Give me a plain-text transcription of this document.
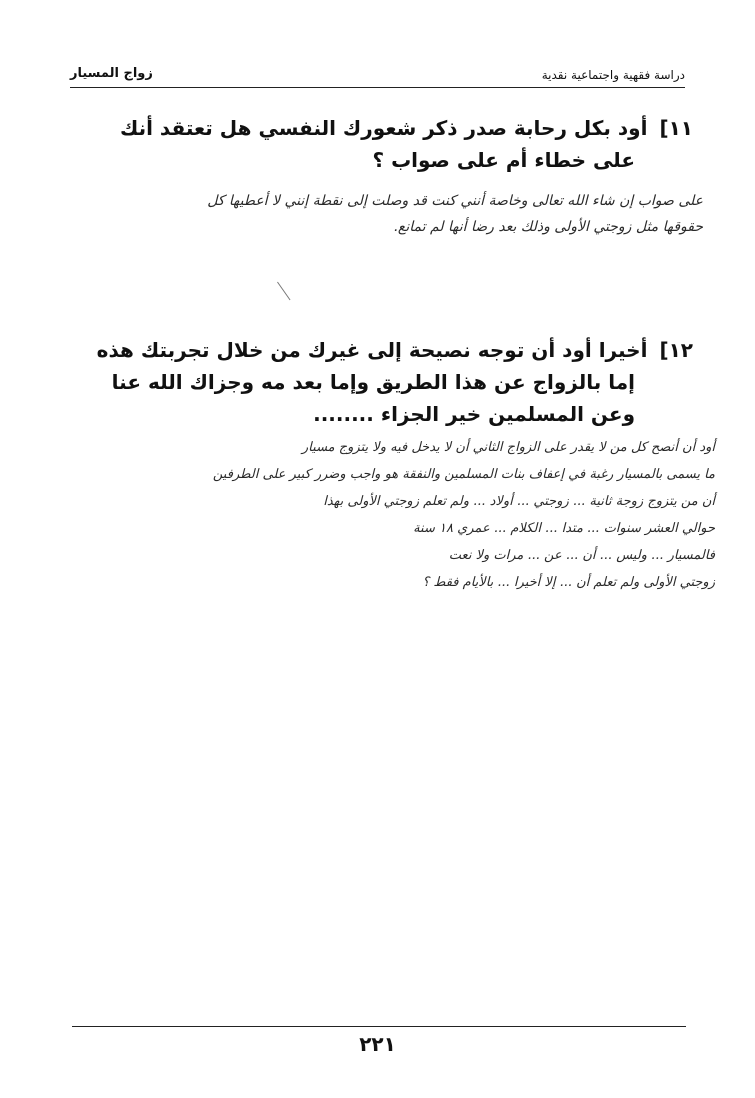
زواج المسيار	دراسة فقهية واجتماعية نقدية
١١]أود بكل رحابة صدر ذكر شعورك النفسي هل تعتقد أنك
على خطاء أم على صواب ؟
على صواب إن شاء الله تعالى وخاصة أنني كنت قد وصلت إلى نقطة إنني لا أعطيها كل
حقوقها مثل زوجتي الأولى وذلك بعد رضا أنها لم تمانع.
١٢]أخيرا أود أن توجه نصيحة إلى غيرك من خلال تجربتك هذه
إما بالزواج عن هذا الطريق وإما بعد مه وجزاك الله عنا
وعن المسلمين خير الجزاء ........
أود أن أنصح كل من لا يقدر على الزواج الثاني أن لا يدخل فيه ولا يتزوج مسيار
ما يسمى بالمسيار رغبة في إعفاف بنات المسلمين والنفقة هو واجب وضرر كبير على الطرفين
أن من يتزوج زوجة ثانية ... زوجتي ... أولاد ... ولم تعلم زوجتي الأولى بهذا
حوالي العشر سنوات ... متدا ... الكلام ... عمري ١٨ سنة
فالمسيار ... وليس ... أن ... عن ... مرات ولا نعت
زوجتي الأولى ولم تعلم أن ... إلا أخيرا ... بالأيام فقط ؟
٢٢١
